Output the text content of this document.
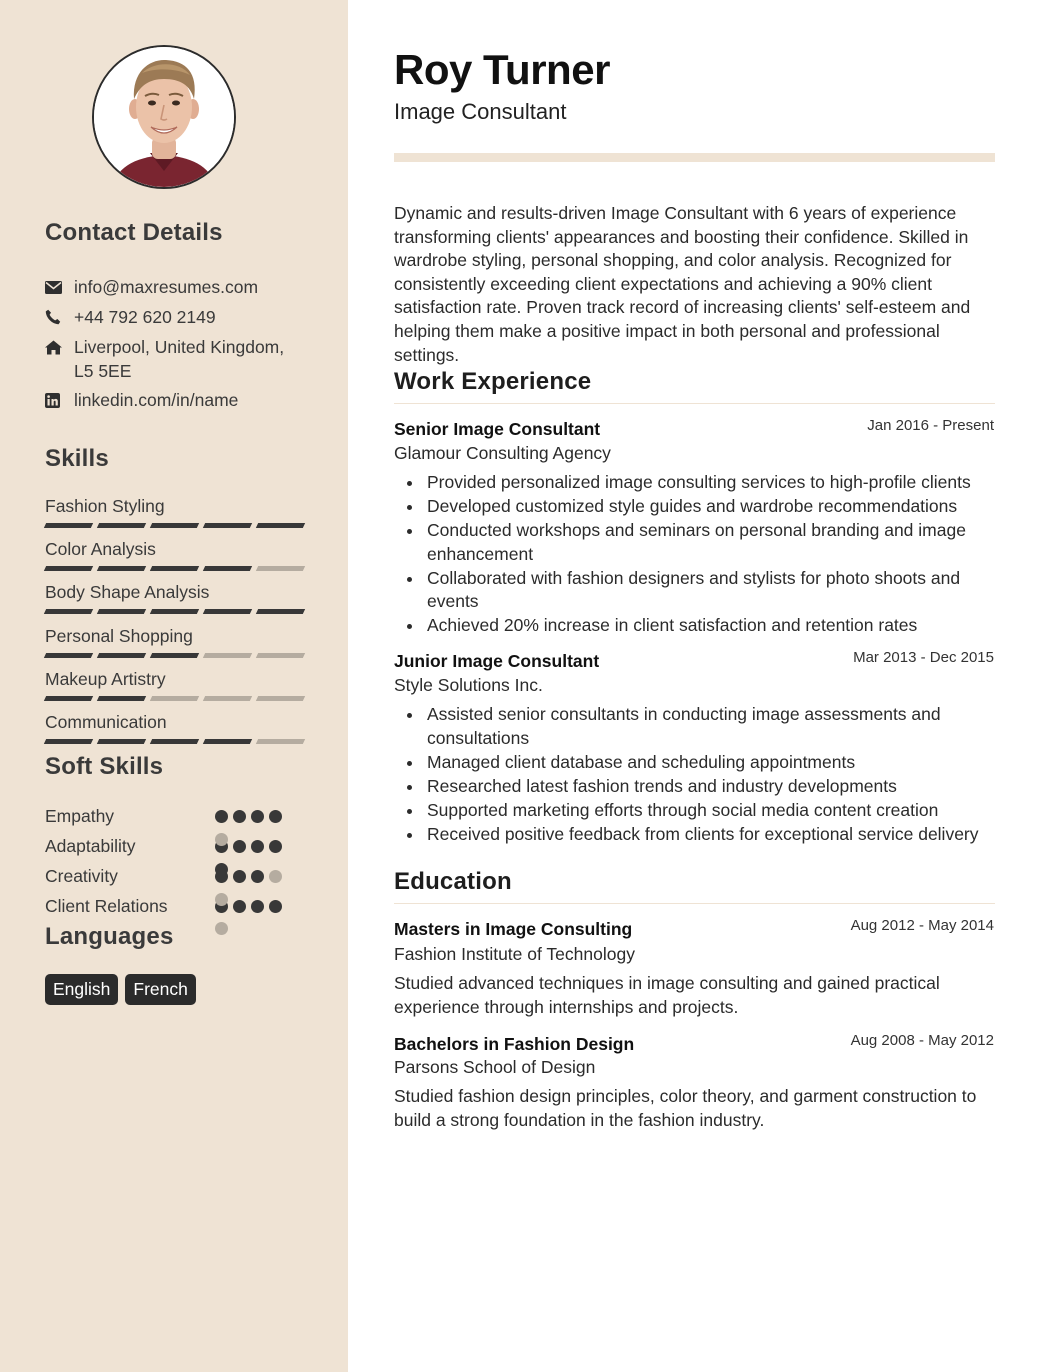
Contact Details
info@maxresumes.com
+44 792 620 2149
Liverpool, United Kingdom, L5 5EE
linkedin.com/in/name
Skills
Fashion Styling
Color Analysis
Body Shape Analysis
Personal Shopping
Makeup Artistry
Communication
Soft Skills
Empathy
Adaptability
Creativity
Client Relations
Languages
English	French
Roy Turner
Image Consultant

Dynamic and results-driven Image Consultant with 6 years of experience transforming clients' appearances and boosting their confidence. Skilled in wardrobe styling, personal shopping, and color analysis. Recognized for consistently exceeding client expectations and achieving a 90% client satisfaction rate. Proven track record of increasing clients' self-esteem and helping them make a positive impact in both personal and professional settings.

Work Experience
Senior Image Consultant	Jan 2016 - Present
Glamour Consulting Agency
Provided personalized image consulting services to high-profile clients
Developed customized style guides and wardrobe recommendations
Conducted workshops and seminars on personal branding and image enhancement
Collaborated with fashion designers and stylists for photo shoots and events
Achieved 20% increase in client satisfaction and retention rates
Junior Image Consultant	Mar 2013 - Dec 2015
Style Solutions Inc.
Assisted senior consultants in conducting image assessments and consultations
Managed client database and scheduling appointments
Researched latest fashion trends and industry developments
Supported marketing efforts through social media content creation
Received positive feedback from clients for exceptional service delivery
Education
Masters in Image Consulting	Aug 2012 - May 2014
Fashion Institute of Technology

Studied advanced techniques in image consulting and gained practical experience through internships and projects.

Bachelors in Fashion Design	Aug 2008 - May 2012
Parsons School of Design

Studied fashion design principles, color theory, and garment construction to build a strong foundation in the fashion industry.
